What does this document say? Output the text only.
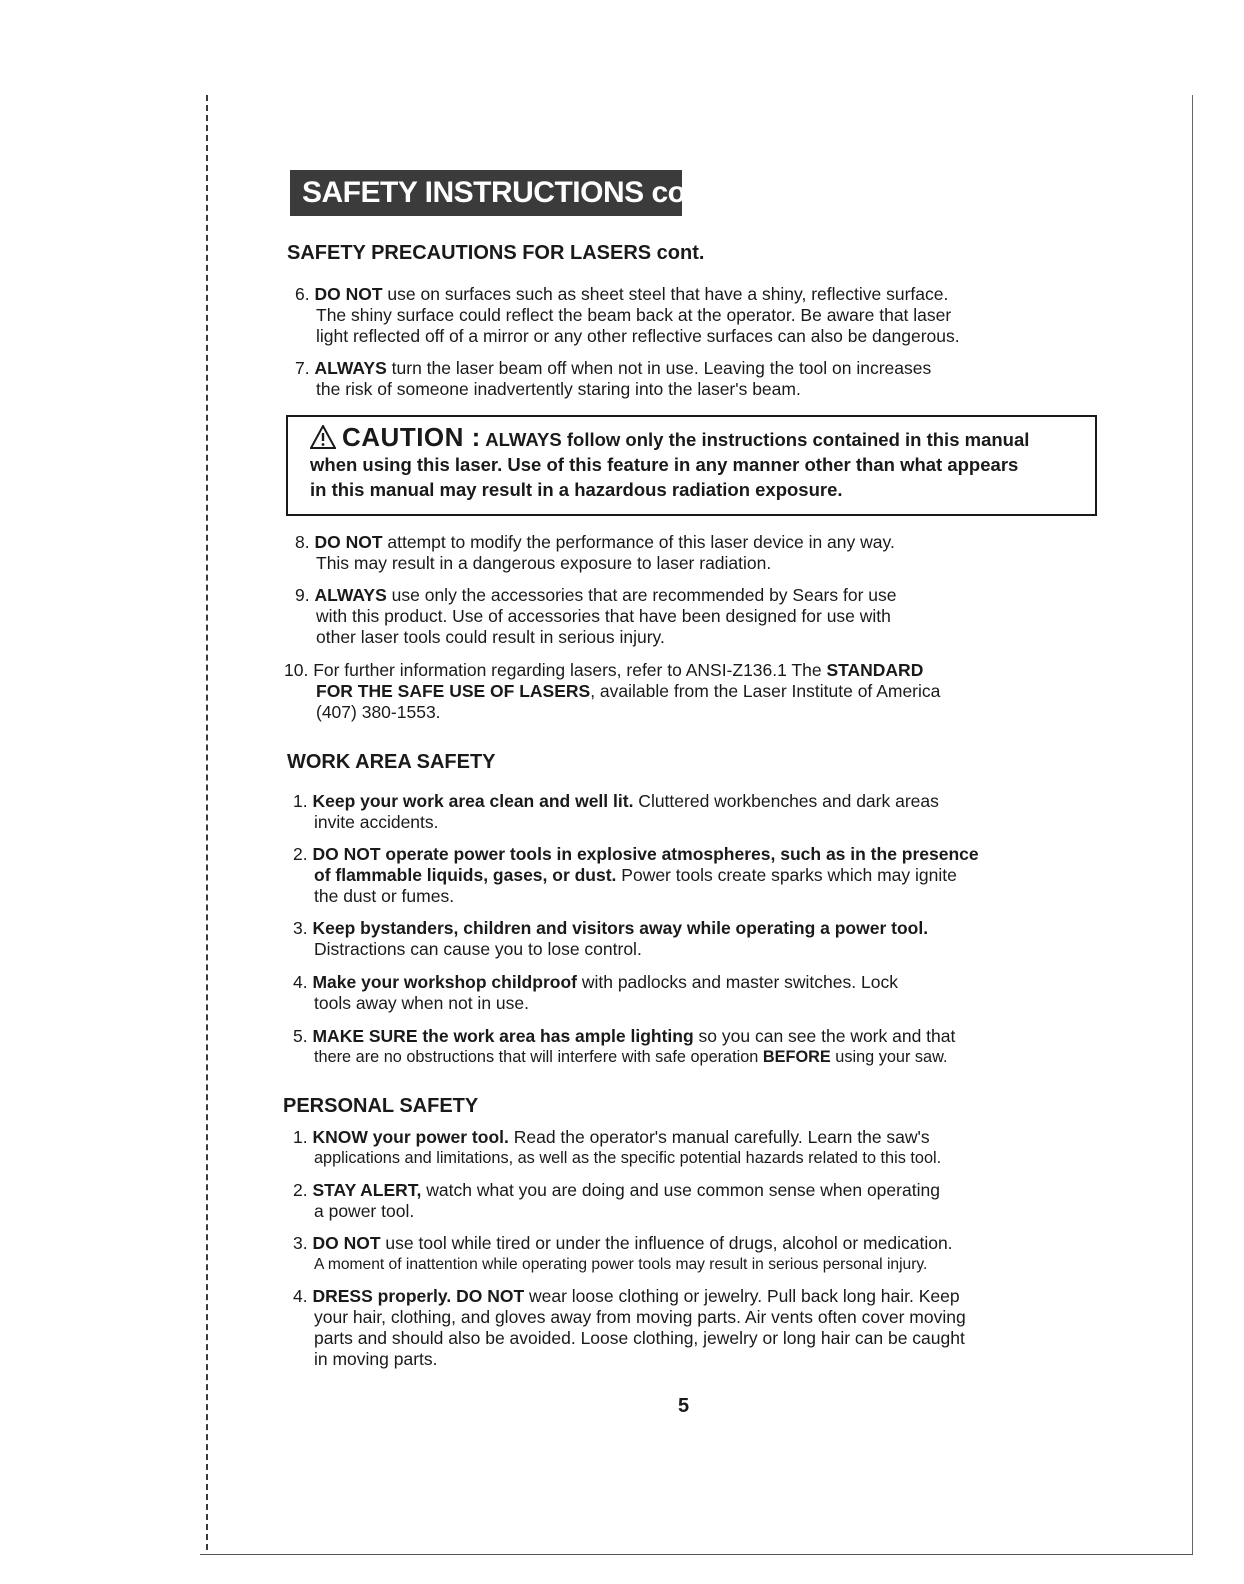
SAFETY INSTRUCTIONS cont.
SAFETY PRECAUTIONS FOR LASERS cont.
6. DO NOT use on surfaces such as sheet steel that have a shiny, reflective surface.
The shiny surface could reflect the beam back at the operator. Be aware that laser
light reflected off of a mirror or any other reflective surfaces can also be dangerous.
7. ALWAYS turn the laser beam off when not in use. Leaving the tool on increases
the risk of someone inadvertently staring into the laser's beam.
CAUTION : ALWAYS follow only the instructions contained in this manual
when using this laser. Use of this feature in any manner other than what appears
in this manual may result in a hazardous radiation exposure.
8. DO NOT attempt to modify the performance of this laser device in any way.
This may result in a dangerous exposure to laser radiation.
9. ALWAYS use only the accessories that are recommended by Sears for use
with this product. Use of accessories that have been designed for use with
other laser tools could result in serious injury.
10. For further information regarding lasers, refer to ANSI-Z136.1 The STANDARD
FOR THE SAFE USE OF LASERS, available from the Laser Institute of America
(407) 380-1553.
WORK AREA SAFETY
1. Keep your work area clean and well lit. Cluttered workbenches and dark areas
invite accidents.
2. DO NOT operate power tools in explosive atmospheres, such as in the presence
of flammable liquids, gases, or dust. Power tools create sparks which may ignite
the dust or fumes.
3. Keep bystanders, children and visitors away while operating a power tool.
Distractions can cause you to lose control.
4. Make your workshop childproof with padlocks and master switches. Lock
tools away when not in use.
5. MAKE SURE the work area has ample lighting so you can see the work and that
there are no obstructions that will interfere with safe operation BEFORE using your saw.
PERSONAL SAFETY
1. KNOW your power tool. Read the operator's manual carefully. Learn the saw's
applications and limitations, as well as the specific potential hazards related to this tool.
2. STAY ALERT, watch what you are doing and use common sense when operating
a power tool.
3. DO NOT use tool while tired or under the influence of drugs, alcohol or medication.
A moment of inattention while operating power tools may result in serious personal injury.
4. DRESS properly. DO NOT wear loose clothing or jewelry. Pull back long hair. Keep
your hair, clothing, and gloves away from moving parts. Air vents often cover moving
parts and should also be avoided. Loose clothing, jewelry or long hair can be caught
in moving parts.
5
